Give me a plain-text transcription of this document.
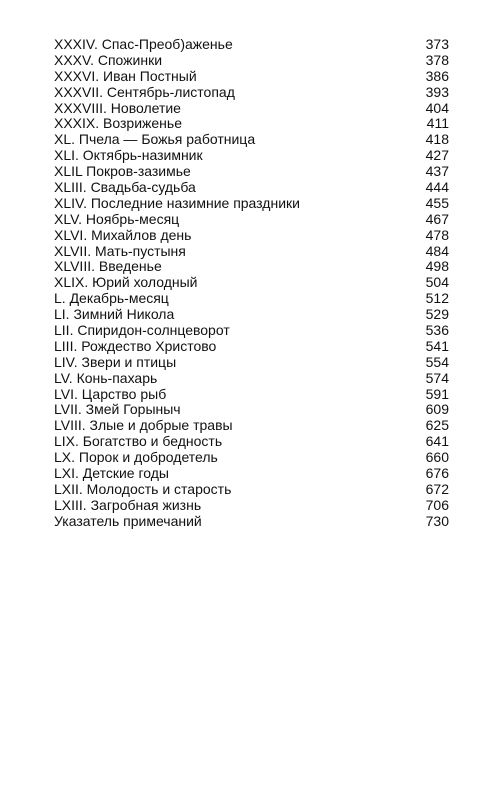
XXXIV. Спас-Преоб)аженье	373
XXXV. Спожинки	378
XXXVI. Иван Постный	386
XXXVII. Сентябрь-листопад	393
XXXVIII. Новолетие	404
XXXIX. Возриженье	411
XL. Пчела — Божья работница	418
XLI. Октябрь-назимник	427
XLIL Покров-зазимье	437
XLIII. Свадьба-судьба	444
XLIV. Последние назимние праздники	455
XLV. Ноябрь-месяц	467
XLVI. Михайлов день	478
XLVII. Мать-пустыня	484
XLVIII. Введенье	498
XLIX. Юрий холодный	504
L. Декабрь-месяц	512
LI. Зимний Никола	529
LII. Спиридон-солнцеворот	536
LIII. Рождество Христово	541
LIV. Звери и птицы	554
LV. Конь-пахарь	574
LVI. Царство рыб	591
LVII. Змей Горыныч	609
LVIII. Злые и добрые травы	625
LIX. Богатство и бедность	641
LX. Порок и добродетель	660
LXI. Детские годы	676
LXII. Молодость и старость	672
LXIII. Загробная жизнь	706
Указатель примечаний	730
